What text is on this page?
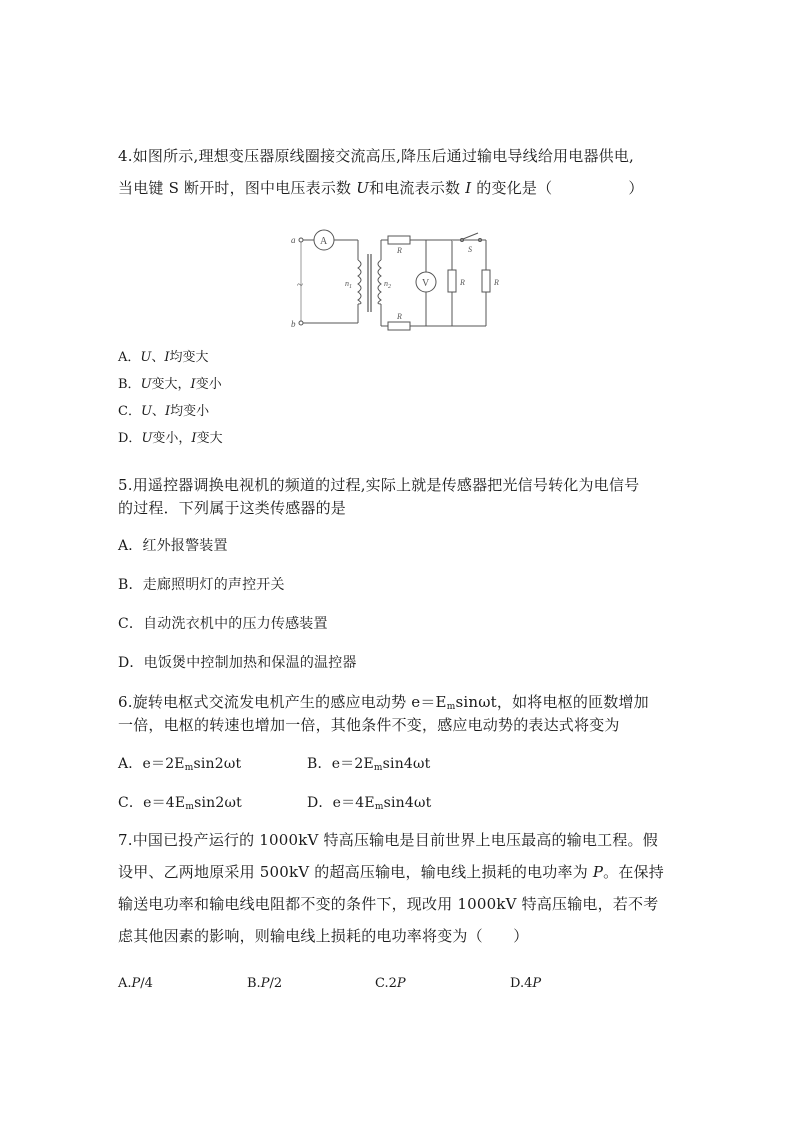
4.如图所示,理想变压器原线圈接交流高压,降压后通过输电导线给用电器供电,
当电键 S 断开时，图中电压表示数 U和电流表示数 I 的变化是（	）
a
b
~
A
$n_1$	$n_2$
R
R
V	R
S
R
A．U、I均变大
B．U变大，I变小
C．U、I均变小
D．U变小，I变大
5.用遥控器调换电视机的频道的过程,实际上就是传感器把光信号转化为电信号
的过程．下列属于这类传感器的是
A．红外报警装置
B．走廊照明灯的声控开关
C．自动洗衣机中的压力传感装置
D．电饭煲中控制加热和保温的温控器
6.旋转电枢式交流发电机产生的感应电动势 $e=E_m\sin\omega t$，如将电枢的匝数增加
一倍，电枢的转速也增加一倍，其他条件不变，感应电动势的表达式将变为
A．$e=2E_m\sin 2\omega t$	B．$e=2E_m\sin 4\omega t$
C．$e=4E_m\sin 2\omega t$	D．$e=4E_m\sin 4\omega t$
7.中国已投产运行的 1000kV 特高压输电是目前世界上电压最高的输电工程。假
设甲、乙两地原采用 500kV 的超高压输电，输电线上损耗的电功率为 P。在保持
输送电功率和输电线电阻都不变的条件下，现改用 1000kV 特高压输电，若不考
虑其他因素的影响，则输电线上损耗的电功率将变为（　　）
A.P/4	B.P/2	C.2P	D.4P
